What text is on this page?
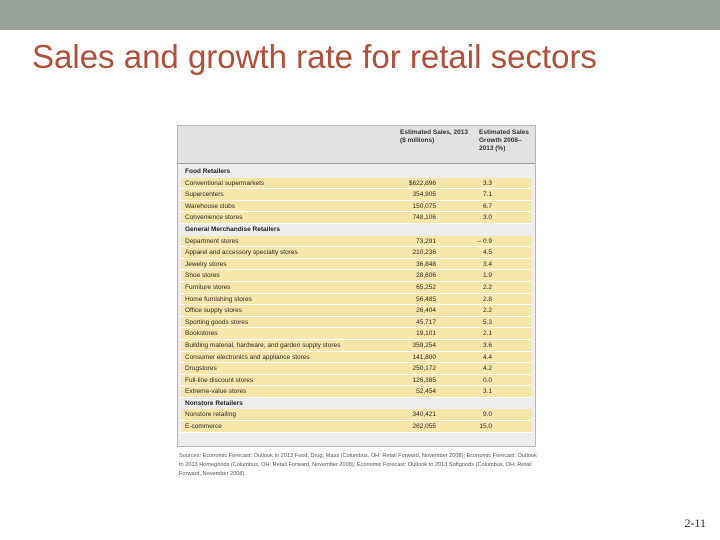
Sales and growth rate for retail sectors
Estimated Sales, 2013 ($ millions)
Estimated Sales Growth 2008–2013 (%)
Food Retailers
Conventional supermarkets	$622,896	3.3
Supercenters	354,905	7.1
Warehouse clubs	150,075	6.7
Convenience stores	748,106	3.0
General Merchandise Retailers
Department stores	73,291	– 0.9
Apparel and accessory specialty stores	210,236	4.5
Jewelry stores	36,848	3.4
Shoe stores	28,606	1.9
Furniture stores	65,252	2.2
Home furnishing stores	56,485	2.8
Office supply stores	26,404	2.2
Sporting goods stores	45,717	5.3
Bookstores	19,101	2.1
Building material, hardware, and garden supply stores	359,254	3.6
Consumer electronics and appliance stores	141,800	4.4
Drugstores	250,172	4.2
Full-line discount stores	126,385	0.0
Extreme-value stores	52,454	3.1
Nonstore Retailers
Nonstore retailing	340,421	9.0
E-commerce	262,055	15.0
Sources: Economic Forecast: Outlook to 2013 Food, Drug, Mass (Columbus, OH: Retail Forward, November 2008); Economic Forecast: Outlook to 2013 Homegoods (Columbus, OH: Retail Forward, November 2008); Economic Forecast: Outlook to 2013 Softgoods (Columbus, OH: Retail Forward, November 2008).
2-11
